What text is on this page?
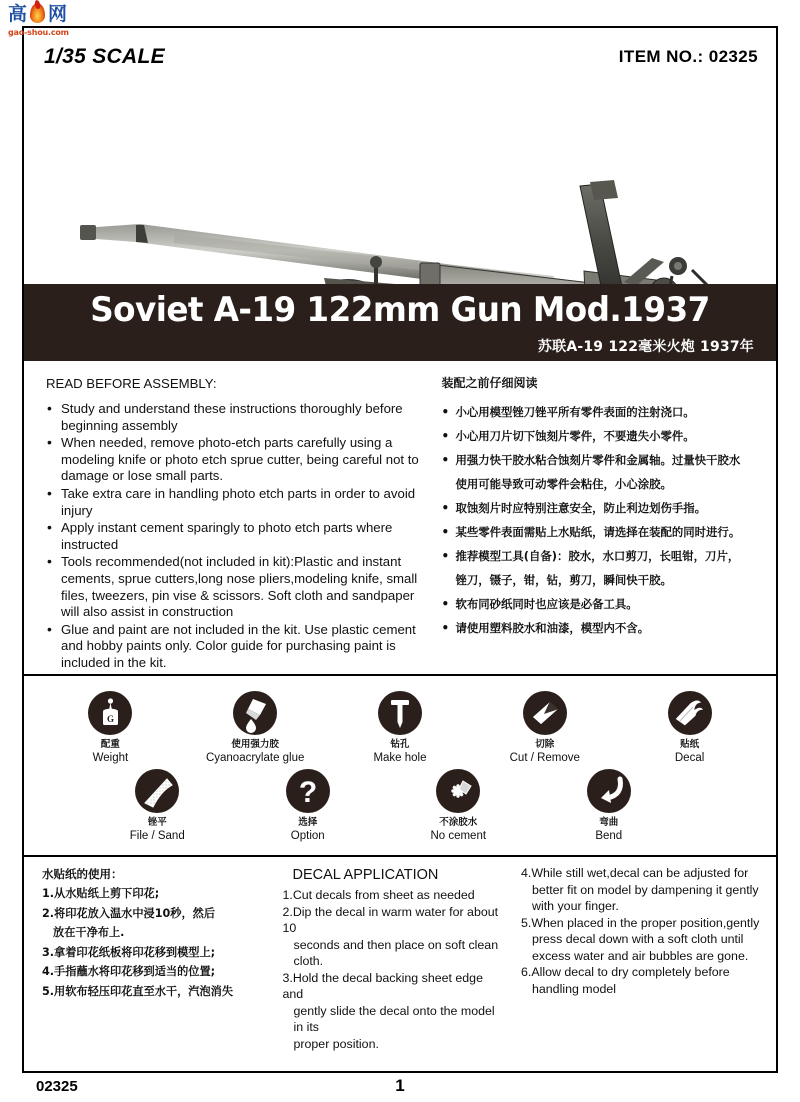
高 网
gao-shou.com
1/35 SCALE	ITEM NO.: 02325
Soviet A-19 122mm Gun Mod.1937
苏联A-19 122毫米火炮 1937年
READ BEFORE ASSEMBLY:
• Study and understand these instructions thoroughly before beginning assembly
• When needed, remove photo-etch parts carefully using a modeling knife or photo etch sprue cutter, being careful not to damage or lose small parts.
• Take extra care in handling photo etch parts in order to avoid injury
• Apply instant cement sparingly to photo etch parts where instructed
• Tools recommended(not included in kit):Plastic and instant cements, sprue cutters,long nose pliers,modeling knife, small files, tweezers, pin vise & scissors. Soft cloth and sandpaper will also assist in construction
• Glue and paint are not included in the kit. Use plastic cement and hobby paints only. Color guide for purchasing paint is included in the kit.
装配之前仔细阅读
• 小心用模型锉刀锉平所有零件表面的注射浇口。
• 小心用刀片切下蚀刻片零件，不要遗失小零件。
• 用强力快干胶水粘合蚀刻片零件和金属轴。过量快干胶水
使用可能导致可动零件会粘住，小心涂胶。
• 取蚀刻片时应特别注意安全，防止利边划伤手指。
• 某些零件表面需贴上水贴纸，请选择在装配的同时进行。
• 推荐模型工具(自备)：胶水，水口剪刀，长咀钳，刀片，
锉刀，镊子，钳，钻，剪刀，瞬间快干胶。
• 软布同砂纸同时也应该是必备工具。
• 请使用塑料胶水和油漆，模型内不含。
G
配重
Weight
使用强力胶
Cyanoacrylate glue
钻孔
Make hole
切除
Cut / Remove
贴纸
Decal
锉平
File / Sand
?
选择
Option
不涂胶水
No cement
弯曲
Bend
水贴纸的使用：
1.从水贴纸上剪下印花;
2.将印花放入温水中浸10秒，然后
放在干净布上.
3.拿着印花纸板将印花移到模型上;
4.手指蘸水将印花移到适当的位置;
5.用软布轻压印花直至水干，汽泡消失
DECAL APPLICATION
1.Cut decals from sheet as needed
2.Dip the decal in warm water for about 10
seconds and then place on soft clean cloth.
3.Hold the decal backing sheet edge and
gently slide the decal onto the model in its
proper position.
4.While still wet,decal can be adjusted for
better fit on model by dampening it gently
with your finger.
5.When placed in the proper position,gently
press decal down with a soft cloth until
excess water and air bubbles are gone.
6.Allow decal to dry completely before
handling model
02325	1
